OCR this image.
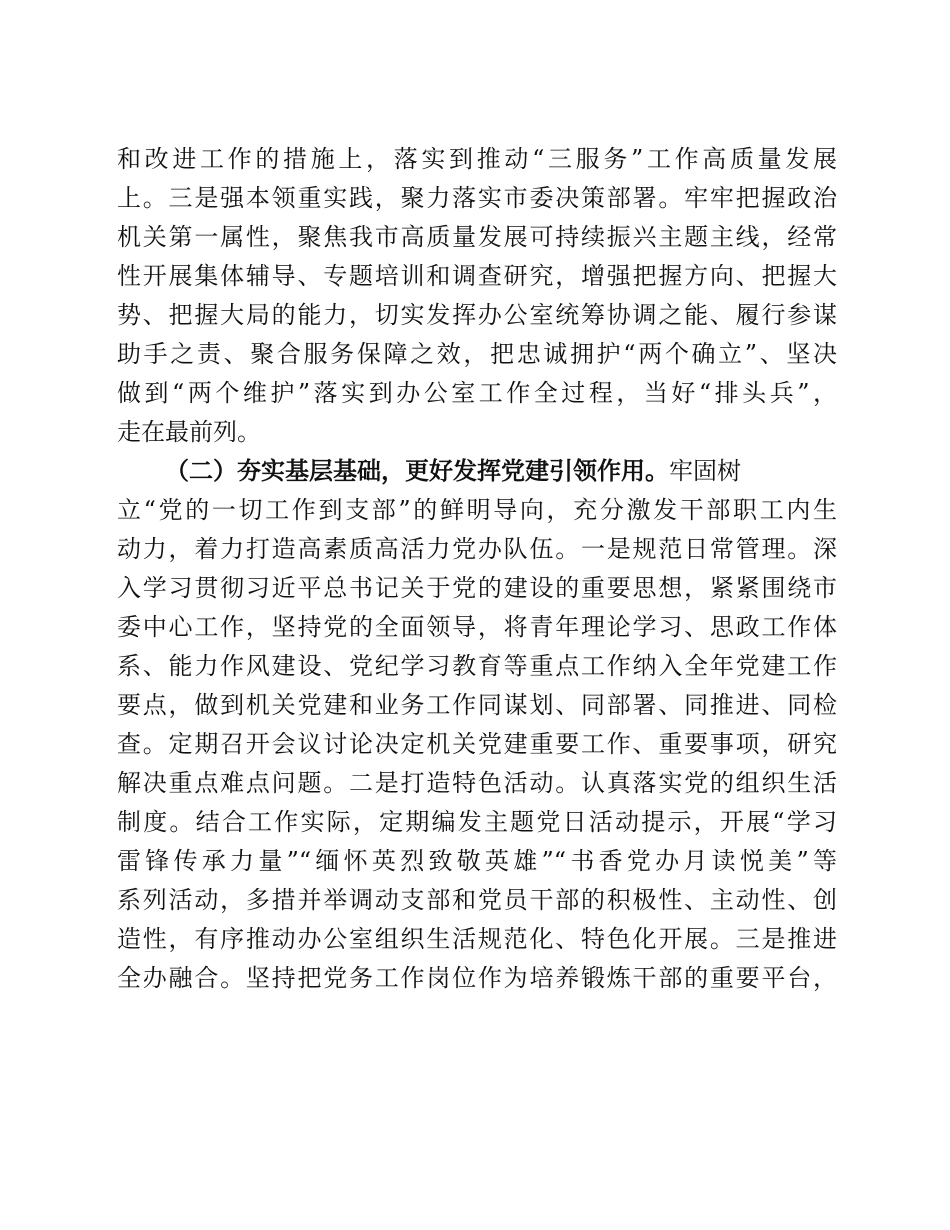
和改进工作的措施上，落实到推动“三服务”工作高质量发展
上。三是强本领重实践，聚力落实市委决策部署。牢牢把握政治
机关第一属性，聚焦我市高质量发展可持续振兴主题主线，经常
性开展集体辅导、专题培训和调查研究，增强把握方向、把握大
势、把握大局的能力，切实发挥办公室统筹协调之能、履行参谋
助手之责、聚合服务保障之效，把忠诚拥护“两个确立”、坚决
做到“两个维护”落实到办公室工作全过程，当好“排头兵”，
走在最前列。
（二）夯实基层基础，更好发挥党建引领作用。牢固树
立“党的一切工作到支部”的鲜明导向，充分激发干部职工内生
动力，着力打造高素质高活力党办队伍。一是规范日常管理。深
入学习贯彻习近平总书记关于党的建设的重要思想，紧紧围绕市
委中心工作，坚持党的全面领导，将青年理论学习、思政工作体
系、能力作风建设、党纪学习教育等重点工作纳入全年党建工作
要点，做到机关党建和业务工作同谋划、同部署、同推进、同检
查。定期召开会议讨论决定机关党建重要工作、重要事项，研究
解决重点难点问题。二是打造特色活动。认真落实党的组织生活
制度。结合工作实际，定期编发主题党日活动提示，开展“学习
雷锋传承力量”“缅怀英烈致敬英雄”“书香党办月读悦美”等
系列活动，多措并举调动支部和党员干部的积极性、主动性、创
造性，有序推动办公室组织生活规范化、特色化开展。三是推进
全办融合。坚持把党务工作岗位作为培养锻炼干部的重要平台，
